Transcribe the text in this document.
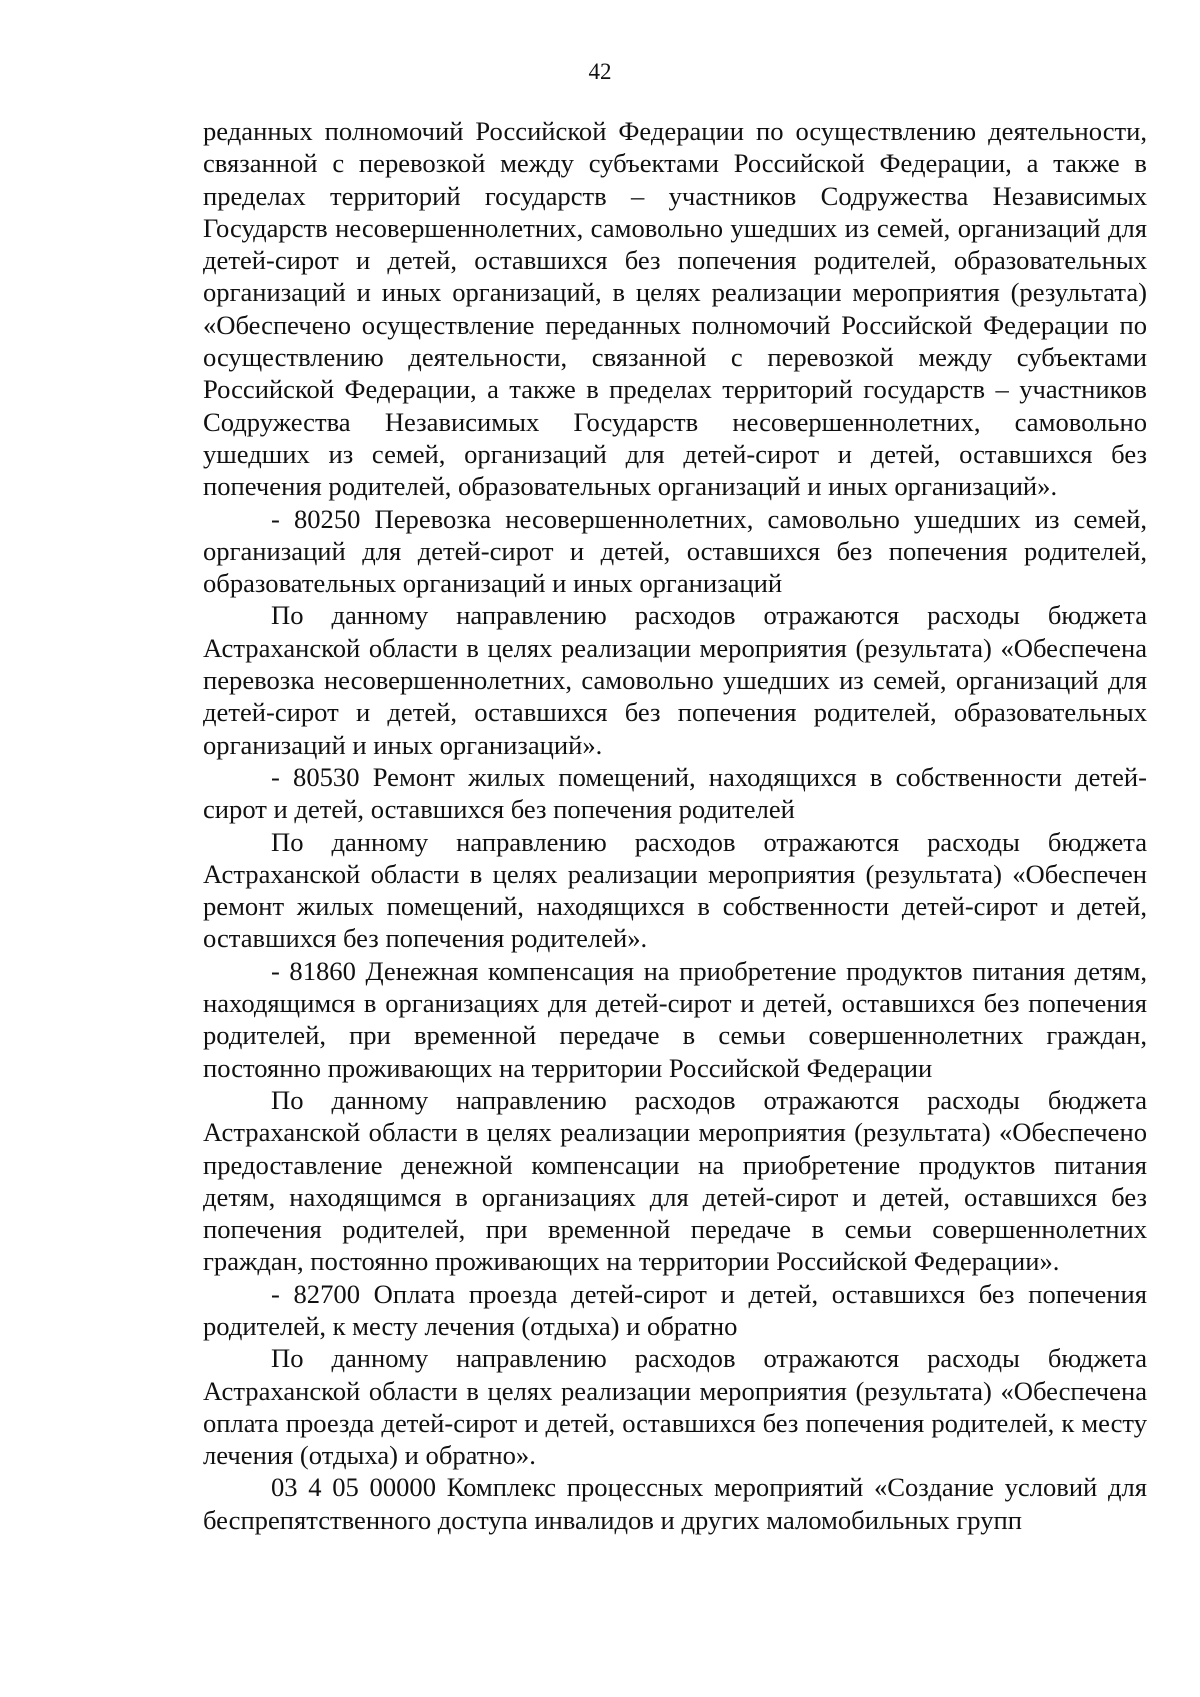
42

реданных полномочий Российской Федерации по осуществлению деятельности, связанной с перевозкой между субъектами Российской Федерации, а также в пределах территорий государств – участников Содружества Независимых Государств несовершеннолетних, самовольно ушедших из семей, организаций для детей-сирот и детей, оставшихся без попечения родителей, образовательных организаций и иных организаций, в целях реализации мероприятия (результата) «Обеспечено осуществление переданных полномочий Российской Федерации по осуществлению деятельности, связанной с перевозкой между субъектами Российской Федерации, а также в пределах территорий государств – участников Содружества Независимых Государств несовершеннолетних, самовольно ушедших из семей, организаций для детей-сирот и детей, оставшихся без попечения родителей, образовательных организаций и иных организаций».

- 80250 Перевозка несовершеннолетних, самовольно ушедших из семей, организаций для детей-сирот и детей, оставшихся без попечения родителей, образовательных организаций и иных организаций

По данному направлению расходов отражаются расходы бюджета Астраханской области в целях реализации мероприятия (результата) «Обеспечена перевозка несовершеннолетних, самовольно ушедших из семей, организаций для детей-сирот и детей, оставшихся без попечения родителей, образовательных организаций и иных организаций».

- 80530 Ремонт жилых помещений, находящихся в собственности детей-сирот и детей, оставшихся без попечения родителей

По данному направлению расходов отражаются расходы бюджета Астраханской области в целях реализации мероприятия (результата) «Обеспечен ремонт жилых помещений, находящихся в собственности детей-сирот и детей, оставшихся без попечения родителей».

- 81860 Денежная компенсация на приобретение продуктов питания детям, находящимся в организациях для детей-сирот и детей, оставшихся без попечения родителей, при временной передаче в семьи совершеннолетних граждан, постоянно проживающих на территории Российской Федерации

По данному направлению расходов отражаются расходы бюджета Астраханской области в целях реализации мероприятия (результата) «Обеспечено предоставление денежной компенсации на приобретение продуктов питания детям, находящимся в организациях для детей-сирот и детей, оставшихся без попечения родителей, при временной передаче в семьи совершеннолетних граждан, постоянно проживающих на территории Российской Федерации».

- 82700 Оплата проезда детей-сирот и детей, оставшихся без попечения родителей, к месту лечения (отдыха) и обратно

По данному направлению расходов отражаются расходы бюджета Астраханской области в целях реализации мероприятия (результата) «Обеспечена оплата проезда детей-сирот и детей, оставшихся без попечения родителей, к месту лечения (отдыха) и обратно».

03 4 05 00000 Комплекс процессных мероприятий «Создание условий для беспрепятственного доступа инвалидов и других маломобильных групп
